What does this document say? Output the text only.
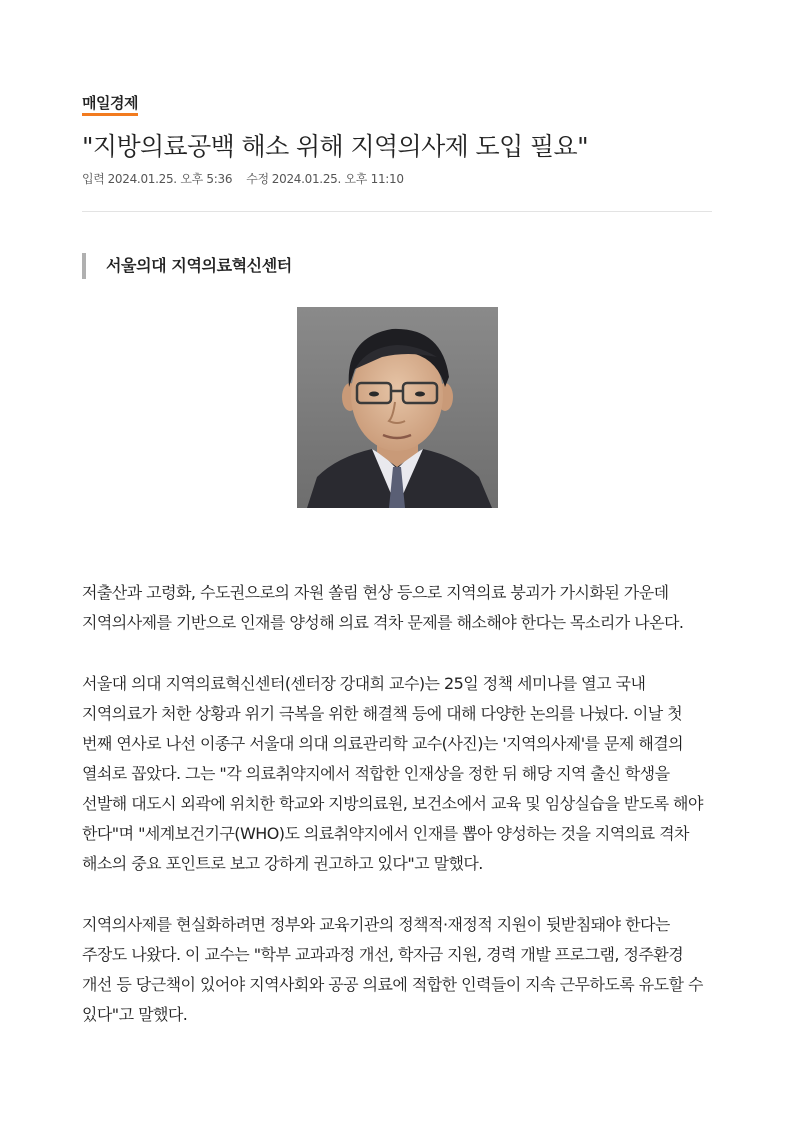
매일경제
"지방의료공백 해소 위해 지역의사제 도입 필요"
입력 2024.01.25. 오후 5:36 수정 2024.01.25. 오후 11:10
서울의대 지역의료혁신센터

저출산과 고령화, 수도권으로의 자원 쏠림 현상 등으로 지역의료 붕괴가 가시화된 가운데 지역의사제를 기반으로 인재를 양성해 의료 격차 문제를 해소해야 한다는 목소리가 나온다.

서울대 의대 지역의료혁신센터(센터장 강대희 교수)는 25일 정책 세미나를 열고 국내 지역의료가 처한 상황과 위기 극복을 위한 해결책 등에 대해 다양한 논의를 나눴다. 이날 첫 번째 연사로 나선 이종구 서울대 의대 의료관리학 교수(사진)는 '지역의사제'를 문제 해결의 열쇠로 꼽았다. 그는 "각 의료취약지에서 적합한 인재상을 정한 뒤 해당 지역 출신 학생을 선발해 대도시 외곽에 위치한 학교와 지방의료원, 보건소에서 교육 및 임상실습을 받도록 해야 한다"며 "세계보건기구(WHO)도 의료취약지에서 인재를 뽑아 양성하는 것을 지역의료 격차 해소의 중요 포인트로 보고 강하게 권고하고 있다"고 말했다.

지역의사제를 현실화하려면 정부와 교육기관의 정책적·재정적 지원이 뒷받침돼야 한다는 주장도 나왔다. 이 교수는 "학부 교과과정 개선, 학자금 지원, 경력 개발 프로그램, 정주환경 개선 등 당근책이 있어야 지역사회와 공공 의료에 적합한 인력들이 지속 근무하도록 유도할 수 있다"고 말했다.
